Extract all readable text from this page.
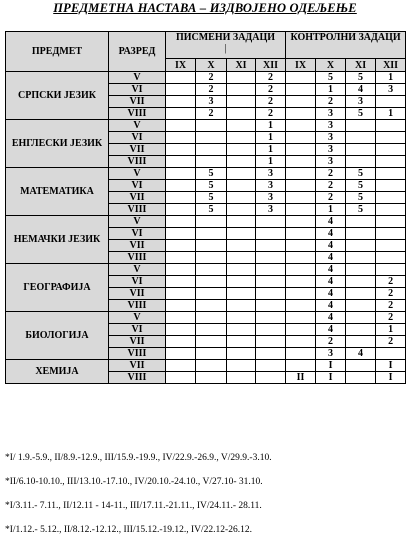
ПРЕДМЕТНА НАСТАВА – ИЗДВОЈЕНО ОДЕЉЕЊЕ
ПРЕДМЕТ	РАЗРЕД	ПИСМЕНИ ЗАДАЦИ
|				КОНТРОЛНИ ЗАДАЦИ			
		IX	X	XI	XII	IX	X	XI	XII
СРПСКИ ЈЕЗИК	V		2		2		5	5	1
	VI		2		2		1	4	3
	VII		3		2		2	3	
	VIII		2		2		3	5	1
ЕНГЛЕСКИ ЈЕЗИК	V				1		3		
	VI				1		3		
	VII				1		3		
	VIII				1		3		
МАТЕМАТИКА	V		5		3		2	5	
	VI		5		3		2	5	
	VII		5		3		2	5	
	VIII		5		3		1	5	
НЕМАЧКИ ЈЕЗИК	V						4		
	VI						4		
	VII						4		
	VIII						4		
ГЕОГРАФИЈА	V						4		
	VI						4		2
	VII						4		2
	VIII						4		2
БИОЛОГИЈА	V						4		2
	VI						4		1
	VII						2		2
	VIII						3	4	
ХЕМИЈА	VII						I		I
	VIII					II	I		I
*I/ 1.9.-5.9., II/8.9.-12.9., III/15.9.-19.9., IV/22.9.-26.9., V/29.9.-3.10.
*II/6.10-10.10., III/13.10.-17.10., IV/20.10.-24.10., V/27.10- 31.10.
*I/3.11.- 7.11., II/12.11 - 14-11., III/17.11.-21.11., IV/24.11.- 28.11.
*I/1.12.- 5.12., II/8.12.-12.12., III/15.12.-19.12., IV/22.12-26.12.
